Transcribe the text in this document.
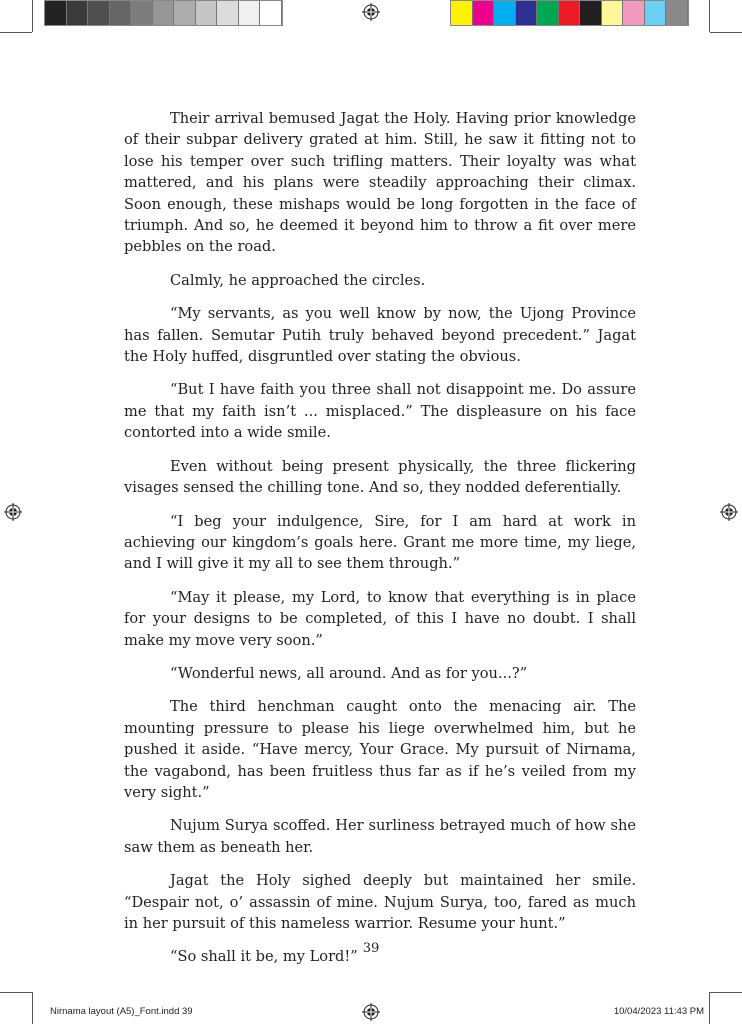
Their arrival bemused Jagat the Holy. Having prior knowledge of their subpar delivery grated at him. Still, he saw it fitting not to lose his temper over such trifling matters. Their loyalty was what mattered, and his plans were steadily approaching their climax. Soon enough, these mishaps would be long forgotten in the face of triumph. And so, he deemed it beyond him to throw a fit over mere pebbles on the road.

Calmly, he approached the circles.

“My servants, as you well know by now, the Ujong Province has fallen. Semutar Putih truly behaved beyond precedent.” Jagat the Holy huffed, disgruntled over stating the obvious.

“But I have faith you three shall not disappoint me. Do assure me that my faith isn’t ... misplaced.” The displeasure on his face contorted into a wide smile.

Even without being present physically, the three flickering visages sensed the chilling tone. And so, they nodded deferentially.

“I beg your indulgence, Sire, for I am hard at work in achieving our kingdom’s goals here. Grant me more time, my liege, and I will give it my all to see them through.”

“May it please, my Lord, to know that everything is in place for your designs to be completed, of this I have no doubt. I shall make my move very soon.”

“Wonderful news, all around. And as for you...?”

The third henchman caught onto the menacing air. The mounting pressure to please his liege overwhelmed him, but he pushed it aside. “Have mercy, Your Grace. My pursuit of Nirnama, the vagabond, has been fruitless thus far as if he’s veiled from my very sight.”

Nujum Surya scoffed. Her surliness betrayed much of how she saw them as beneath her.

Jagat the Holy sighed deeply but maintained her smile. “Despair not, o’ assassin of mine. Nujum Surya, too, fared as much in her pursuit of this nameless warrior. Resume your hunt.”

“So shall it be, my Lord!” 39
Nirnama layout (A5)_Font.indd 39	10/04/2023 11:43 PM
